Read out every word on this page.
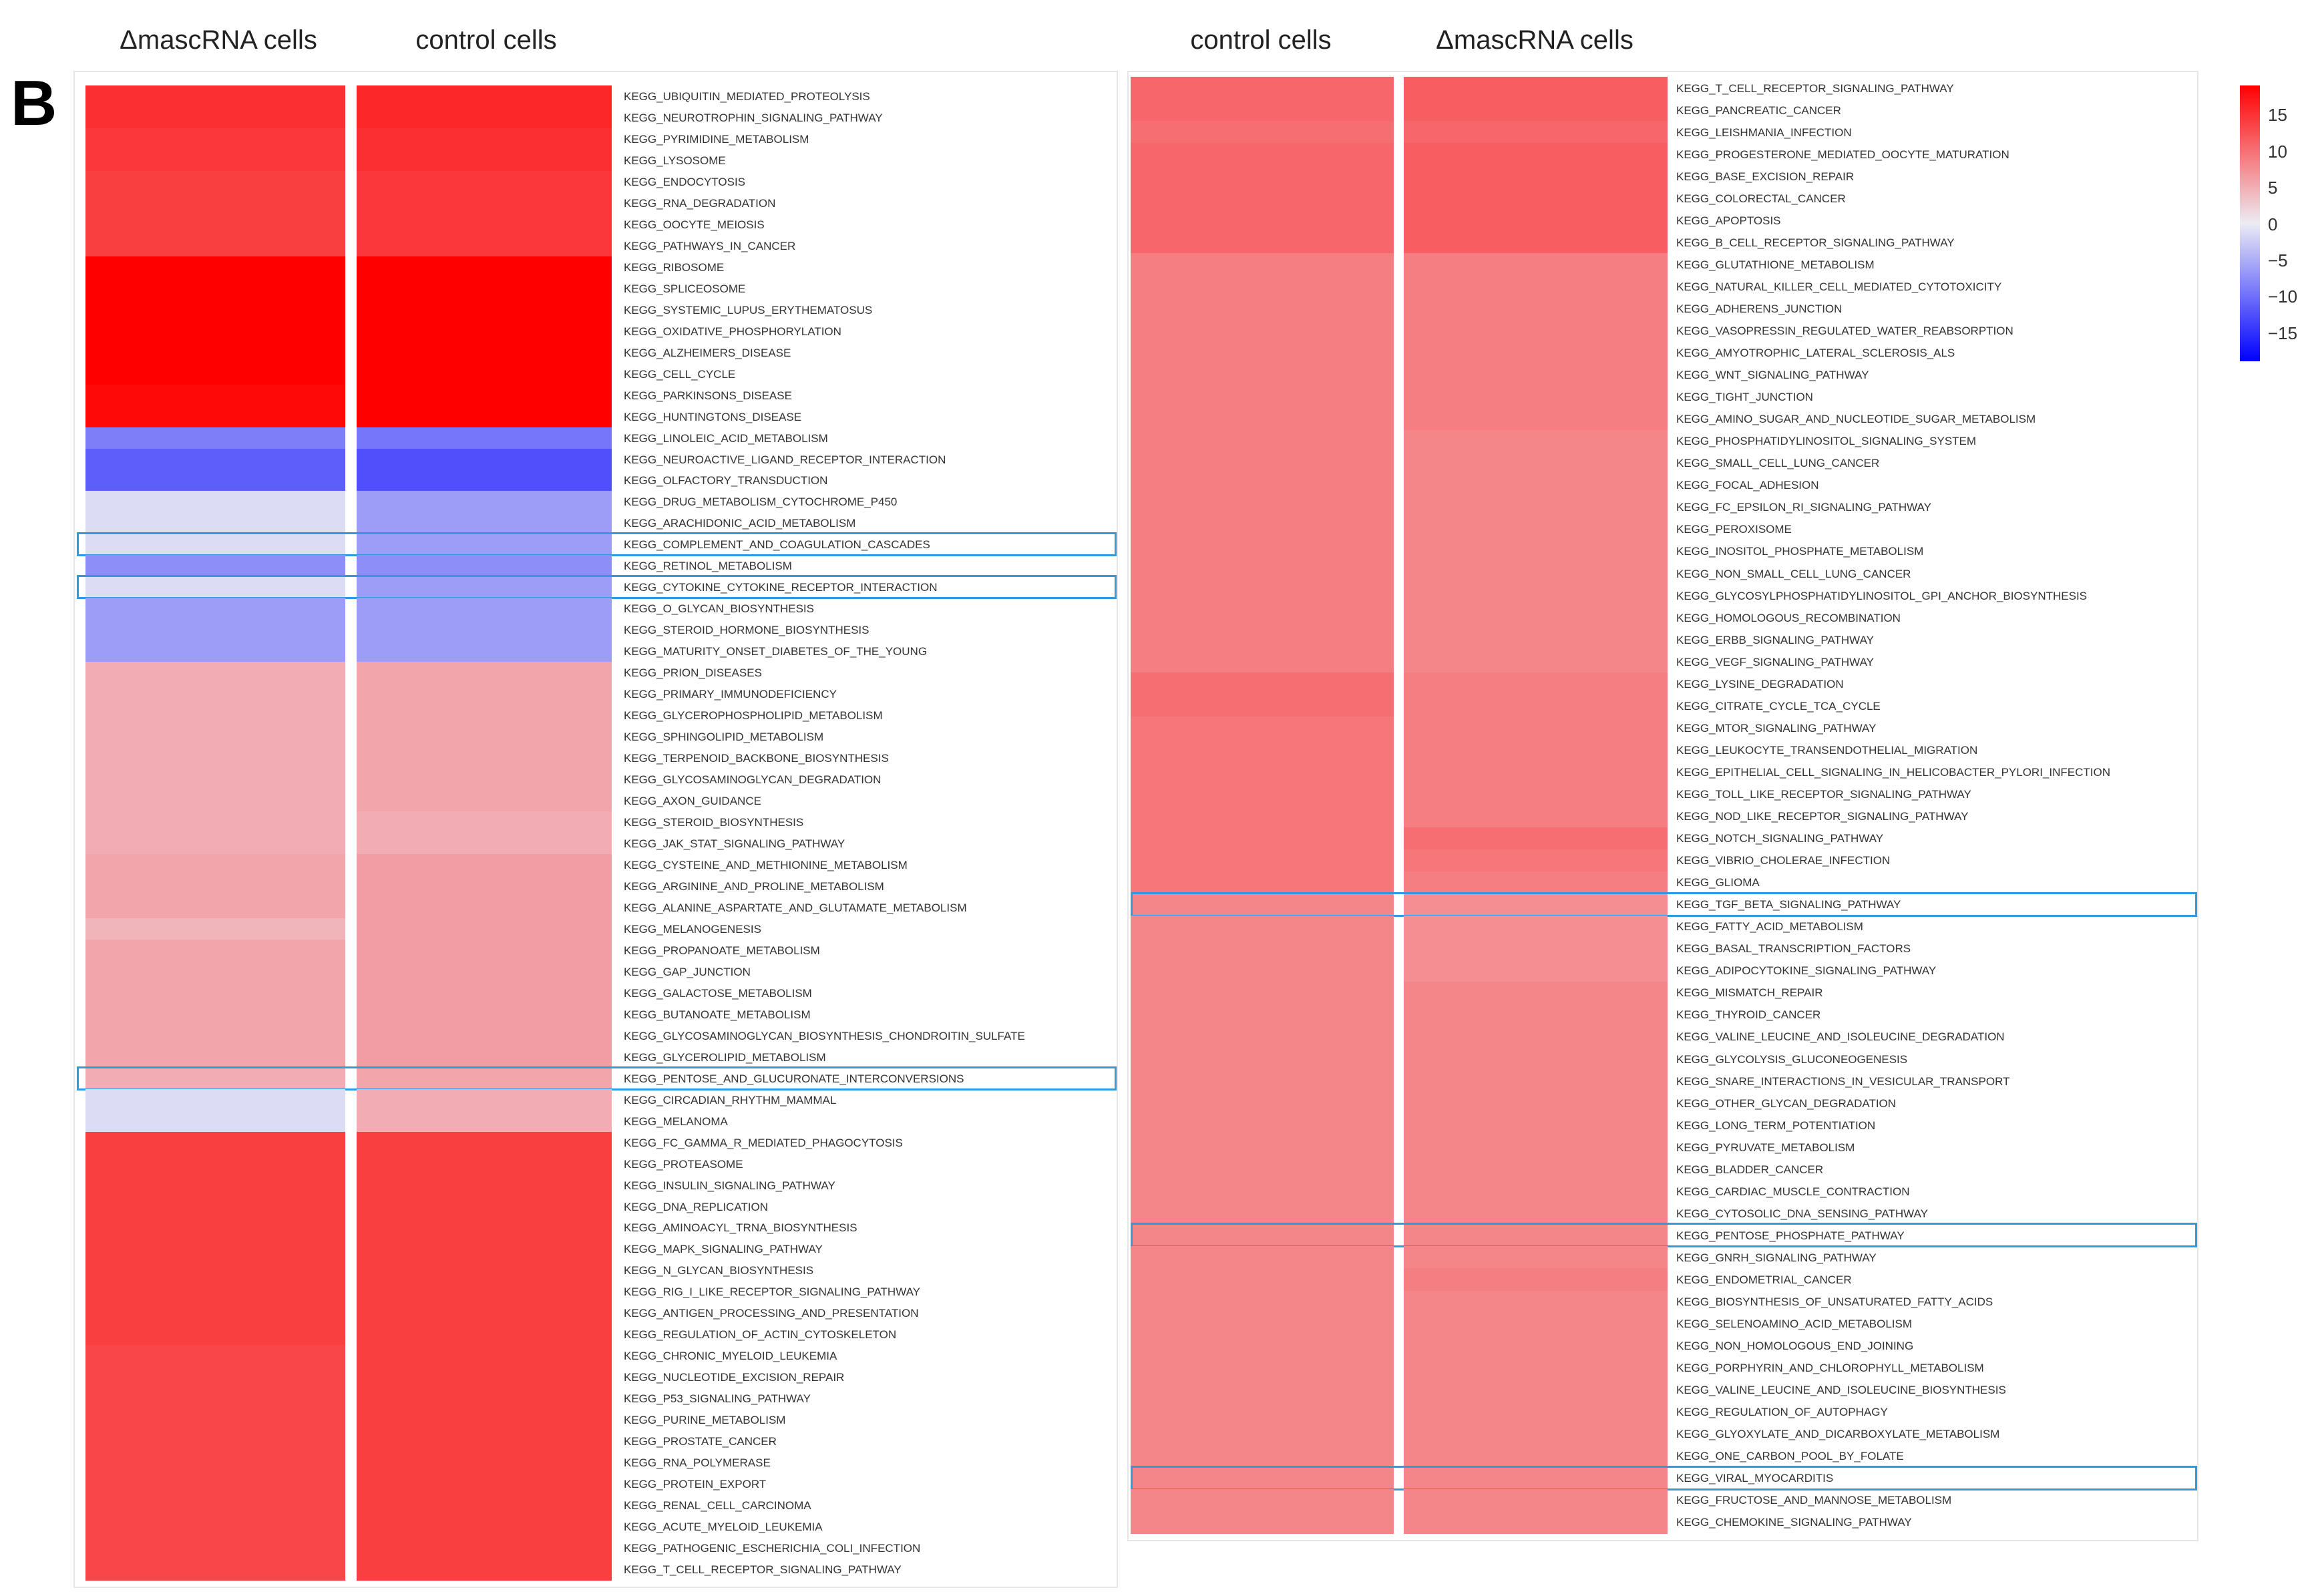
B
ΔmascRNA cells	control cells	control cells	ΔmascRNA cells
KEGG_UBIQUITIN_MEDIATED_PROTEOLYSIS
KEGG_NEUROTROPHIN_SIGNALING_PATHWAY
KEGG_PYRIMIDINE_METABOLISM
KEGG_LYSOSOME
KEGG_ENDOCYTOSIS
KEGG_RNA_DEGRADATION
KEGG_OOCYTE_MEIOSIS
KEGG_PATHWAYS_IN_CANCER
KEGG_RIBOSOME
KEGG_SPLICEOSOME
KEGG_SYSTEMIC_LUPUS_ERYTHEMATOSUS
KEGG_OXIDATIVE_PHOSPHORYLATION
KEGG_ALZHEIMERS_DISEASE
KEGG_CELL_CYCLE
KEGG_PARKINSONS_DISEASE
KEGG_HUNTINGTONS_DISEASE
KEGG_LINOLEIC_ACID_METABOLISM
KEGG_NEUROACTIVE_LIGAND_RECEPTOR_INTERACTION
KEGG_OLFACTORY_TRANSDUCTION
KEGG_DRUG_METABOLISM_CYTOCHROME_P450
KEGG_ARACHIDONIC_ACID_METABOLISM
KEGG_COMPLEMENT_AND_COAGULATION_CASCADES
KEGG_RETINOL_METABOLISM
KEGG_CYTOKINE_CYTOKINE_RECEPTOR_INTERACTION
KEGG_O_GLYCAN_BIOSYNTHESIS
KEGG_STEROID_HORMONE_BIOSYNTHESIS
KEGG_MATURITY_ONSET_DIABETES_OF_THE_YOUNG
KEGG_PRION_DISEASES
KEGG_PRIMARY_IMMUNODEFICIENCY
KEGG_GLYCEROPHOSPHOLIPID_METABOLISM
KEGG_SPHINGOLIPID_METABOLISM
KEGG_TERPENOID_BACKBONE_BIOSYNTHESIS
KEGG_GLYCOSAMINOGLYCAN_DEGRADATION
KEGG_AXON_GUIDANCE
KEGG_STEROID_BIOSYNTHESIS
KEGG_JAK_STAT_SIGNALING_PATHWAY
KEGG_CYSTEINE_AND_METHIONINE_METABOLISM
KEGG_ARGININE_AND_PROLINE_METABOLISM
KEGG_ALANINE_ASPARTATE_AND_GLUTAMATE_METABOLISM
KEGG_MELANOGENESIS
KEGG_PROPANOATE_METABOLISM
KEGG_GAP_JUNCTION
KEGG_GALACTOSE_METABOLISM
KEGG_BUTANOATE_METABOLISM
KEGG_GLYCOSAMINOGLYCAN_BIOSYNTHESIS_CHONDROITIN_SULFATE
KEGG_GLYCEROLIPID_METABOLISM
KEGG_PENTOSE_AND_GLUCURONATE_INTERCONVERSIONS
KEGG_CIRCADIAN_RHYTHM_MAMMAL
KEGG_MELANOMA
KEGG_FC_GAMMA_R_MEDIATED_PHAGOCYTOSIS
KEGG_PROTEASOME
KEGG_INSULIN_SIGNALING_PATHWAY
KEGG_DNA_REPLICATION
KEGG_AMINOACYL_TRNA_BIOSYNTHESIS
KEGG_MAPK_SIGNALING_PATHWAY
KEGG_N_GLYCAN_BIOSYNTHESIS
KEGG_RIG_I_LIKE_RECEPTOR_SIGNALING_PATHWAY
KEGG_ANTIGEN_PROCESSING_AND_PRESENTATION
KEGG_REGULATION_OF_ACTIN_CYTOSKELETON
KEGG_CHRONIC_MYELOID_LEUKEMIA
KEGG_NUCLEOTIDE_EXCISION_REPAIR
KEGG_P53_SIGNALING_PATHWAY
KEGG_PURINE_METABOLISM
KEGG_PROSTATE_CANCER
KEGG_RNA_POLYMERASE
KEGG_PROTEIN_EXPORT
KEGG_RENAL_CELL_CARCINOMA
KEGG_ACUTE_MYELOID_LEUKEMIA
KEGG_PATHOGENIC_ESCHERICHIA_COLI_INFECTION
KEGG_T_CELL_RECEPTOR_SIGNALING_PATHWAY
KEGG_T_CELL_RECEPTOR_SIGNALING_PATHWAY
KEGG_PANCREATIC_CANCER
KEGG_LEISHMANIA_INFECTION
KEGG_PROGESTERONE_MEDIATED_OOCYTE_MATURATION
KEGG_BASE_EXCISION_REPAIR
KEGG_COLORECTAL_CANCER
KEGG_APOPTOSIS
KEGG_B_CELL_RECEPTOR_SIGNALING_PATHWAY
KEGG_GLUTATHIONE_METABOLISM
KEGG_NATURAL_KILLER_CELL_MEDIATED_CYTOTOXICITY
KEGG_ADHERENS_JUNCTION
KEGG_VASOPRESSIN_REGULATED_WATER_REABSORPTION
KEGG_AMYOTROPHIC_LATERAL_SCLEROSIS_ALS
KEGG_WNT_SIGNALING_PATHWAY
KEGG_TIGHT_JUNCTION
KEGG_AMINO_SUGAR_AND_NUCLEOTIDE_SUGAR_METABOLISM
KEGG_PHOSPHATIDYLINOSITOL_SIGNALING_SYSTEM
KEGG_SMALL_CELL_LUNG_CANCER
KEGG_FOCAL_ADHESION
KEGG_FC_EPSILON_RI_SIGNALING_PATHWAY
KEGG_PEROXISOME
KEGG_INOSITOL_PHOSPHATE_METABOLISM
KEGG_NON_SMALL_CELL_LUNG_CANCER
KEGG_GLYCOSYLPHOSPHATIDYLINOSITOL_GPI_ANCHOR_BIOSYNTHESIS
KEGG_HOMOLOGOUS_RECOMBINATION
KEGG_ERBB_SIGNALING_PATHWAY
KEGG_VEGF_SIGNALING_PATHWAY
KEGG_LYSINE_DEGRADATION
KEGG_CITRATE_CYCLE_TCA_CYCLE
KEGG_MTOR_SIGNALING_PATHWAY
KEGG_LEUKOCYTE_TRANSENDOTHELIAL_MIGRATION
KEGG_EPITHELIAL_CELL_SIGNALING_IN_HELICOBACTER_PYLORI_INFECTION
KEGG_TOLL_LIKE_RECEPTOR_SIGNALING_PATHWAY
KEGG_NOD_LIKE_RECEPTOR_SIGNALING_PATHWAY
KEGG_NOTCH_SIGNALING_PATHWAY
KEGG_VIBRIO_CHOLERAE_INFECTION
KEGG_GLIOMA
KEGG_TGF_BETA_SIGNALING_PATHWAY
KEGG_FATTY_ACID_METABOLISM
KEGG_BASAL_TRANSCRIPTION_FACTORS
KEGG_ADIPOCYTOKINE_SIGNALING_PATHWAY
KEGG_MISMATCH_REPAIR
KEGG_THYROID_CANCER
KEGG_VALINE_LEUCINE_AND_ISOLEUCINE_DEGRADATION
KEGG_GLYCOLYSIS_GLUCONEOGENESIS
KEGG_SNARE_INTERACTIONS_IN_VESICULAR_TRANSPORT
KEGG_OTHER_GLYCAN_DEGRADATION
KEGG_LONG_TERM_POTENTIATION
KEGG_PYRUVATE_METABOLISM
KEGG_BLADDER_CANCER
KEGG_CARDIAC_MUSCLE_CONTRACTION
KEGG_CYTOSOLIC_DNA_SENSING_PATHWAY
KEGG_PENTOSE_PHOSPHATE_PATHWAY
KEGG_GNRH_SIGNALING_PATHWAY
KEGG_ENDOMETRIAL_CANCER
KEGG_BIOSYNTHESIS_OF_UNSATURATED_FATTY_ACIDS
KEGG_SELENOAMINO_ACID_METABOLISM
KEGG_NON_HOMOLOGOUS_END_JOINING
KEGG_PORPHYRIN_AND_CHLOROPHYLL_METABOLISM
KEGG_VALINE_LEUCINE_AND_ISOLEUCINE_BIOSYNTHESIS
KEGG_REGULATION_OF_AUTOPHAGY
KEGG_GLYOXYLATE_AND_DICARBOXYLATE_METABOLISM
KEGG_ONE_CARBON_POOL_BY_FOLATE
KEGG_VIRAL_MYOCARDITIS
KEGG_FRUCTOSE_AND_MANNOSE_METABOLISM
KEGG_CHEMOKINE_SIGNALING_PATHWAY
15
10
5
0
−5
−10
−15
